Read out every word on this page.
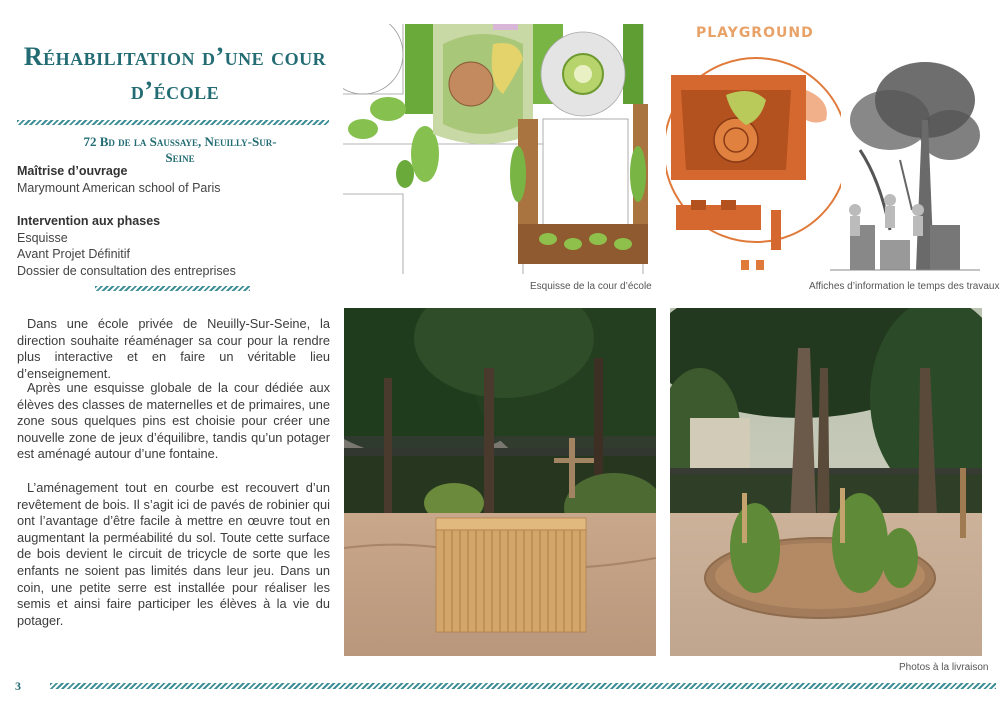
Réhabilitation d’une cour
d’école
72 Bd de la Saussaye, Neuilly-Sur-Seine
Maîtrise d’ouvrage
Marymount American school of Paris
Intervention aux phases
Esquisse
Avant Projet Définitif
Dossier de consultation des entreprises

Dans une école privée de Neuilly-Sur-Seine, la direction souhaite réaménager sa cour pour la rendre plus interactive et en faire un véritable lieu d’enseignement.

Après une esquisse globale de la cour dédiée aux élèves des classes de maternelles et de primaires, une zone sous quelques pins est choisie pour créer une nouvelle zone de jeux d’équilibre, tandis qu’un potager est aménagé autour d’une fontaine.

L’aménagement tout en courbe est recouvert d’un revêtement de bois. Il s’agit ici de pavés de robinier qui ont l’avantage d’être facile à mettre en œuvre tout en augmentant la perméabilité du sol. Toute cette surface de bois devient le circuit de tricycle de sorte que les enfants ne soient pas limités dans leur jeu. Dans un coin, une petite serre est installée pour réaliser les semis et ainsi faire participer les élèves à la vie du potager.

Esquisse de la cour d’école
PLAYGROUND
Affiches d’information le temps des travaux
Photos à la livraison
3
